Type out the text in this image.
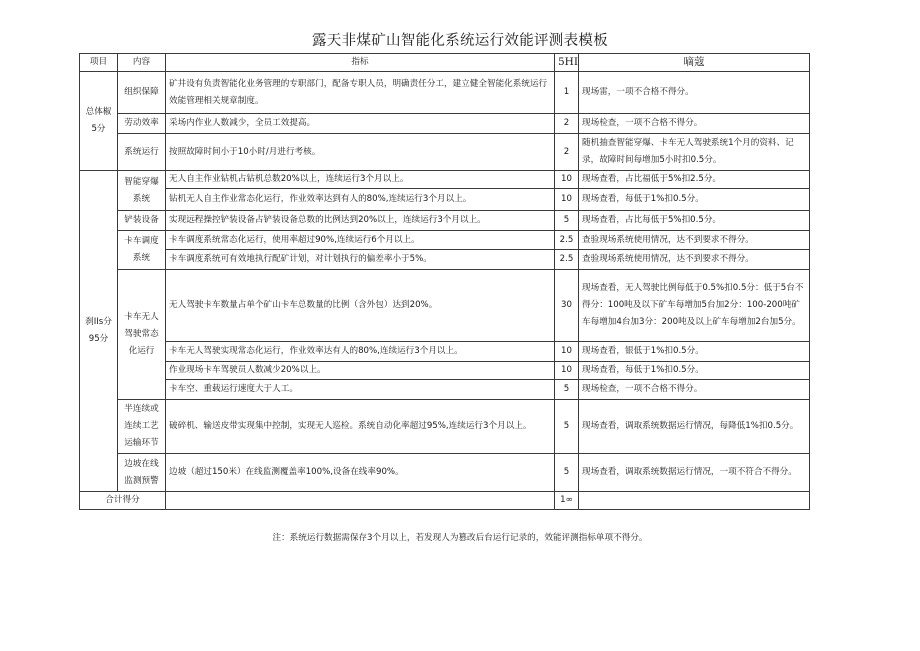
露天非煤矿山智能化系统运行效能评测表模板
项目	内容	指标	5HI	嘀蔻
总体椒5分	组织保障	矿井设有负责智能化业务管理的专职部门，配备专职人员，明确责任分工，建立健全智能化系统运行效能管理相关规章制度。	1	现场雷，一项不合格不得分。
	劳动效率	采场内作业人数减少，全员工效提高。	2	现场检查，一项不合格不得分。
	系统运行	按照故障时间小于10小时/月进行考核。	2	随机抽查智能穿爆、卡车无人驾驶系统1个月的资料、记录，故障时间每增加5小时扣0.5分。
刹IIs分95分	智能穿爆系统	无人自主作业钻机占钻机总数20%以上，连续运行3个月以上。	10	现场查看，占比福低于5%扣2.5分。
		钻机无人自主作业常态化运行，作业效率达到有人的80%,连续运行3个月以上。	10	现场查看，每低于1%扣0.5分。
	铲装设备	实现远程操控铲装设备占铲装设备总数的比例达到20%以上，连续运行3个月以上。	5	现场查看，占比每低于5%扣0.5分。
	卡车调度系统	卡车调度系统常态化运行，使用率超过90%,连续运行6个月以上。	2.5	查验现场系统使用情况，达不到要求不得分。
		卡车调度系统可有效地执行配矿计划，对计划执行的偏差率小于5%。	2.5	查验现场系统使用情况，达不到要求不得分。
	卡车无人驾驶常态化运行	无人驾驶卡车数量占单个矿山卡车总数量的比例（含外包）达到20%。	30	现场查看，无人驾驶比例每低于0.5%扣0.5分：低于5台不得分：100吨及以下矿车每增加5台加2分：100-200吨矿车每增加4台加3分：200吨及以上矿车每增加2台加5分。
		卡车无人驾驶实现常态化运行，作业效率达有人的80%,连续运行3个月以上。	10	现场查看，银低于1%扣0.5分。
		作业现场卡车驾驶员人数减少20%以上。	10	现场查看，每低于1%扣0.5分。
		卡车空、重载运行速度大于人工。	5	现场检查，一项不合格不得分。
	半连续或连续工艺运输环节	破碎机、输送皮带实现集中控制，实现无人巡检。系统自动化率超过95%,连续运行3个月以上。	5	现场查看，调取系统数据运行情况，每降低1%扣0.5分。
	边坡在线监测预警	边坡（超过150米）在线监测覆盖率100%,设备在线率90%。	5	现场查看，调取系统数据运行情况，一项不符合不得分。
合计得分			1∞	
注：系统运行数据需保存3个月以上，若发现人为篡改后台运行记录的，效能评测指标单项不得分。
